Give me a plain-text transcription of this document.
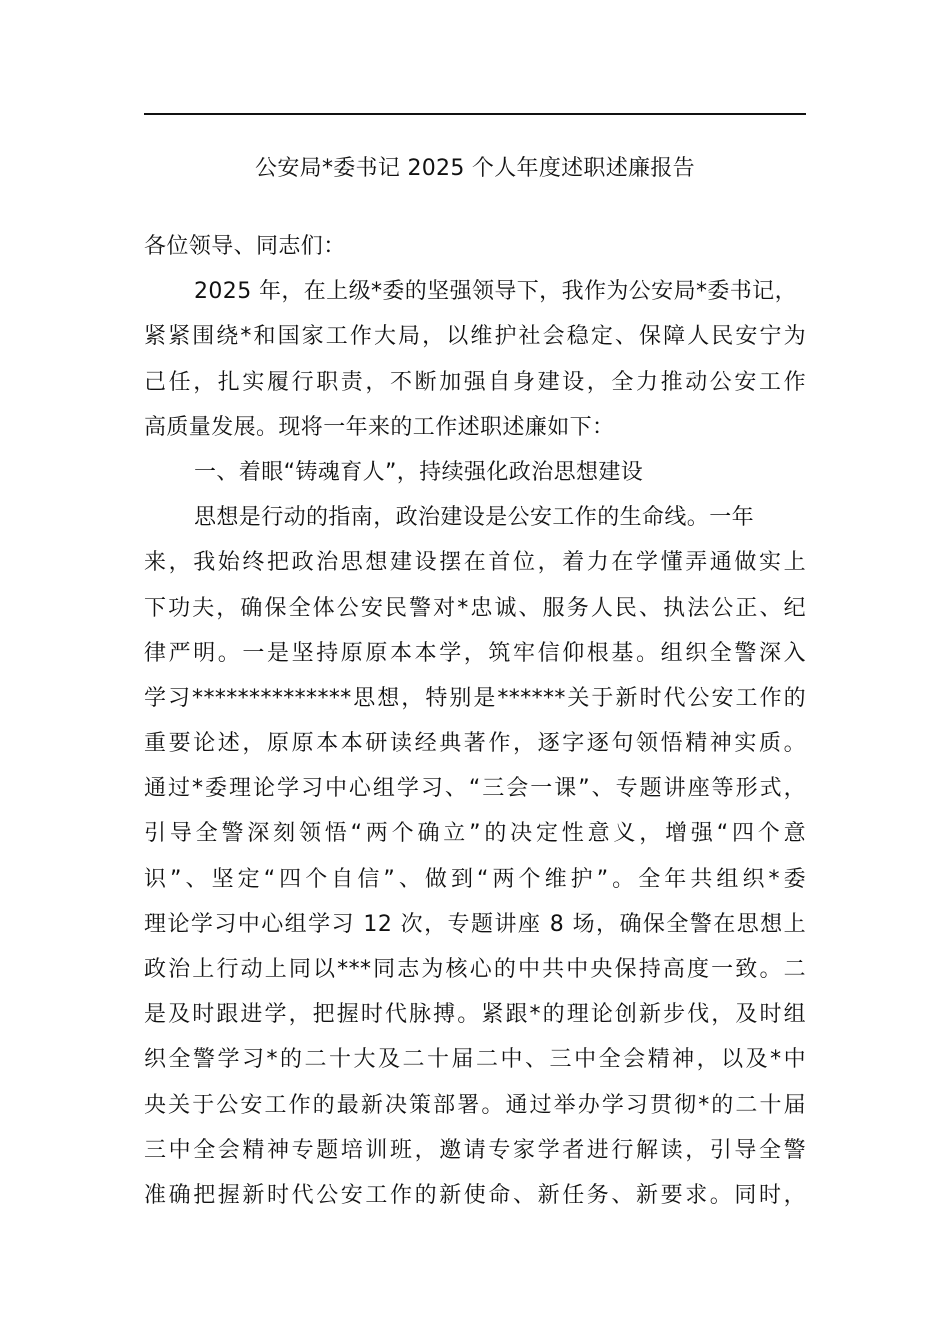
公安局*委书记 2025 个人年度述职述廉报告
各位领导、同志们：
2025 年，在上级*委的坚强领导下，我作为公安局*委书记，
紧紧围绕*和国家工作大局，以维护社会稳定、保障人民安宁为
己任，扎实履行职责，不断加强自身建设，全力推动公安工作
高质量发展。现将一年来的工作述职述廉如下：
一、着眼“铸魂育人”，持续强化政治思想建设
思想是行动的指南，政治建设是公安工作的生命线。一年
来，我始终把政治思想建设摆在首位，着力在学懂弄通做实上
下功夫，确保全体公安民警对*忠诚、服务人民、执法公正、纪
律严明。一是坚持原原本本学，筑牢信仰根基。组织全警深入
学习**************思想，特别是******关于新时代公安工作的
重要论述，原原本本研读经典著作，逐字逐句领悟精神实质。
通过*委理论学习中心组学习、“三会一课”、专题讲座等形式，
引导全警深刻领悟“两个确立”的决定性意义，增强“四个意
识”、坚定“四个自信”、做到“两个维护”。全年共组织*委
理论学习中心组学习 12 次，专题讲座 8 场，确保全警在思想上
政治上行动上同以***同志为核心的中共中央保持高度一致。二
是及时跟进学，把握时代脉搏。紧跟*的理论创新步伐，及时组
织全警学习*的二十大及二十届二中、三中全会精神，以及*中
央关于公安工作的最新决策部署。通过举办学习贯彻*的二十届
三中全会精神专题培训班，邀请专家学者进行解读，引导全警
准确把握新时代公安工作的新使命、新任务、新要求。同时，
